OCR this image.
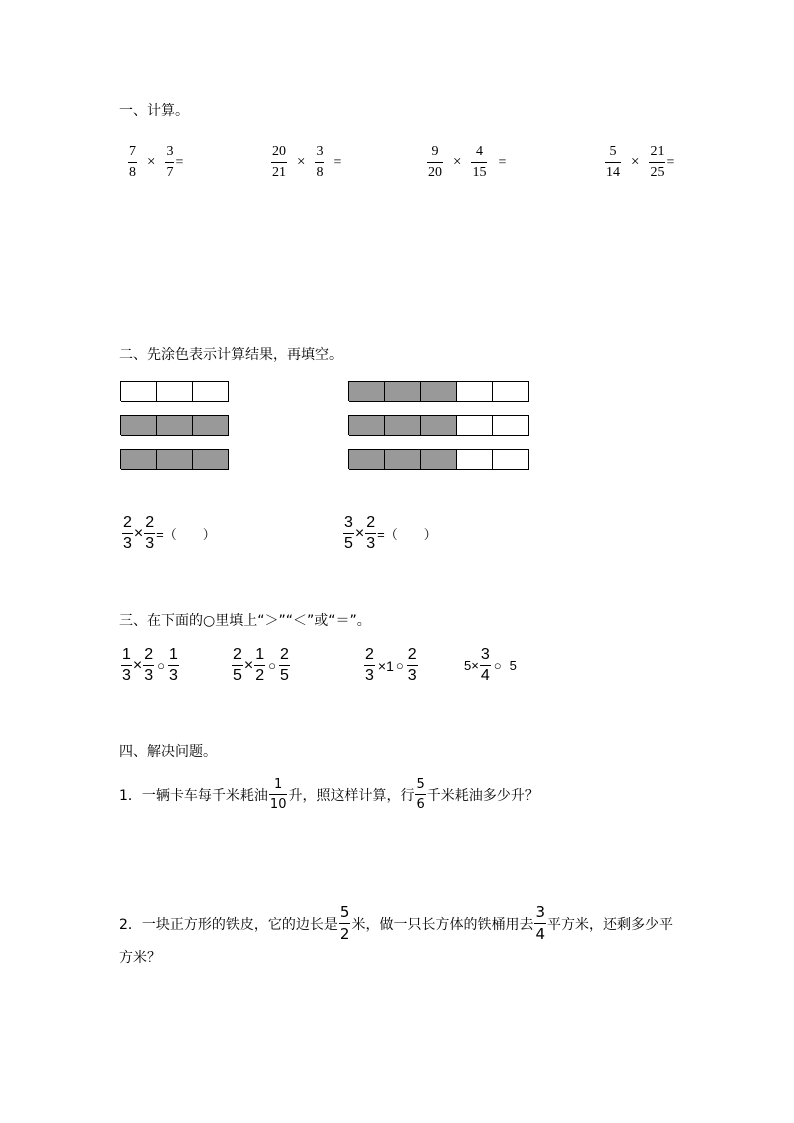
一、计算。
$\frac{7}{8} \times \frac{3}{7}$ =	$\frac{20}{21} \times \frac{3}{8}$ =	$\frac{9}{20} \times \frac{4}{15}$ =	$\frac{5}{14} \times \frac{21}{25}$ =
二、先涂色表示计算结果，再填空。
$\frac{2}{3} \times \frac{2}{3}$ =（　　）	$\frac{3}{5} \times \frac{2}{3}$ =（　　）
三、在下面的○里填上“＞”“＜”或“＝”。
$\frac{1}{3} \times \frac{2}{3}$ ○ $\frac{1}{3}$	$\frac{2}{5} \times \frac{1}{2}$ ○ $\frac{2}{5}$	$\frac{2}{3} \times 1$ ○ $\frac{2}{3}$	$5\times \frac{3}{4}$ ○ 5
四、解决问题。
1．一辆卡车每千米耗油 $\frac{1}{10}$ 升，照这样计算，行 $\frac{5}{6}$ 千米耗油多少升？
2．一块正方形的铁皮，它的边长是 $\frac{5}{2}$ 米，做一只长方体的铁桶用去 $\frac{3}{4}$ 平方米，还剩多少平
方米？
